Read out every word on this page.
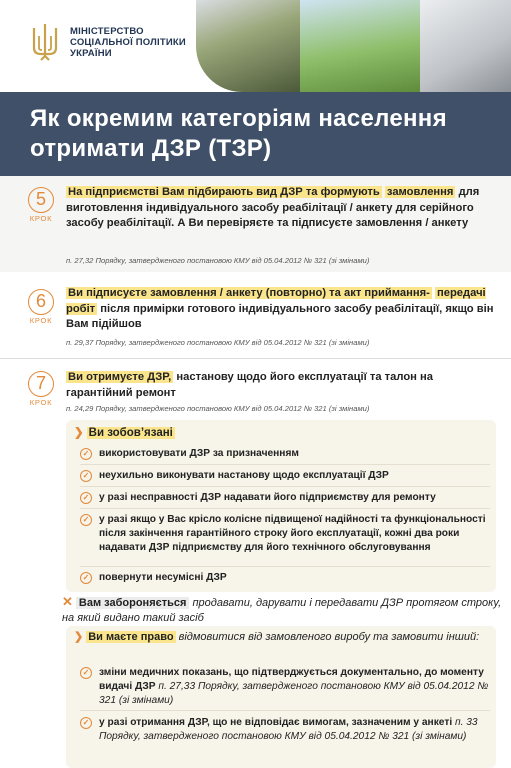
МІНІСТЕРСТВО
СОЦІАЛЬНОЇ ПОЛІТИКИ
УКРАЇНИ
Як окремим категоріям населення отримати ДЗР (ТЗР)
5
КРОК
На підприємстві Вам підбирають вид ДЗР та формують замовлення для виготовлення індивідуального засобу реабілітації / анкету для серійного засобу реабілітації. А Ви перевіряєте та підписуєте замовлення / анкету
п. 27,32 Порядку, затвердженого постановою КМУ від 05.04.2012 № 321 (зі змінами)
6
КРОК
Ви підписуєте замовлення / анкету (повторно) та акт приймання- передачі робіт після примірки готового індивідуального засобу реабілітації, якщо він Вам підійшов
п. 29,37 Порядку, затвердженого постановою КМУ від 05.04.2012 № 321 (зі змінами)
7
КРОК
Ви отримуєте ДЗР, настанову щодо його експлуатації та талон на гарантійний ремонт
п. 24,29 Порядку, затвердженого постановою КМУ від 05.04.2012 № 321 (зі змінами)
❯ Ви зобов’язані
✓ використовувати ДЗР за призначенням
✓ неухильно виконувати настанову щодо експлуатації ДЗР
✓ у разі несправності ДЗР надавати його підприємству для ремонту
✓ у разі якщо у Вас крісло колісне підвищеної надійності та функціональності після закінчення гарантійного строку його експлуатації, кожні два роки надавати ДЗР підприємству для його технічного обслуговування
✓ повернути несумісні ДЗР
✕ Вам забороняється продавати, дарувати і передавати ДЗР протягом строку, на який видано такий засіб
❯ Ви маєте право відмовитися від замовленого виробу та замовити інший:
✓ зміни медичних показань, що підтверджується документально, до моменту видачі ДЗР п. 27,33 Порядку, затвердженого постановою КМУ від 05.04.2012 № 321 (зі змінами)
✓ у разі отримання ДЗР, що не відповідає вимогам, зазначеним у анкеті п. 33 Порядку, затвердженого постановою КМУ від 05.04.2012 № 321 (зі змінами)
